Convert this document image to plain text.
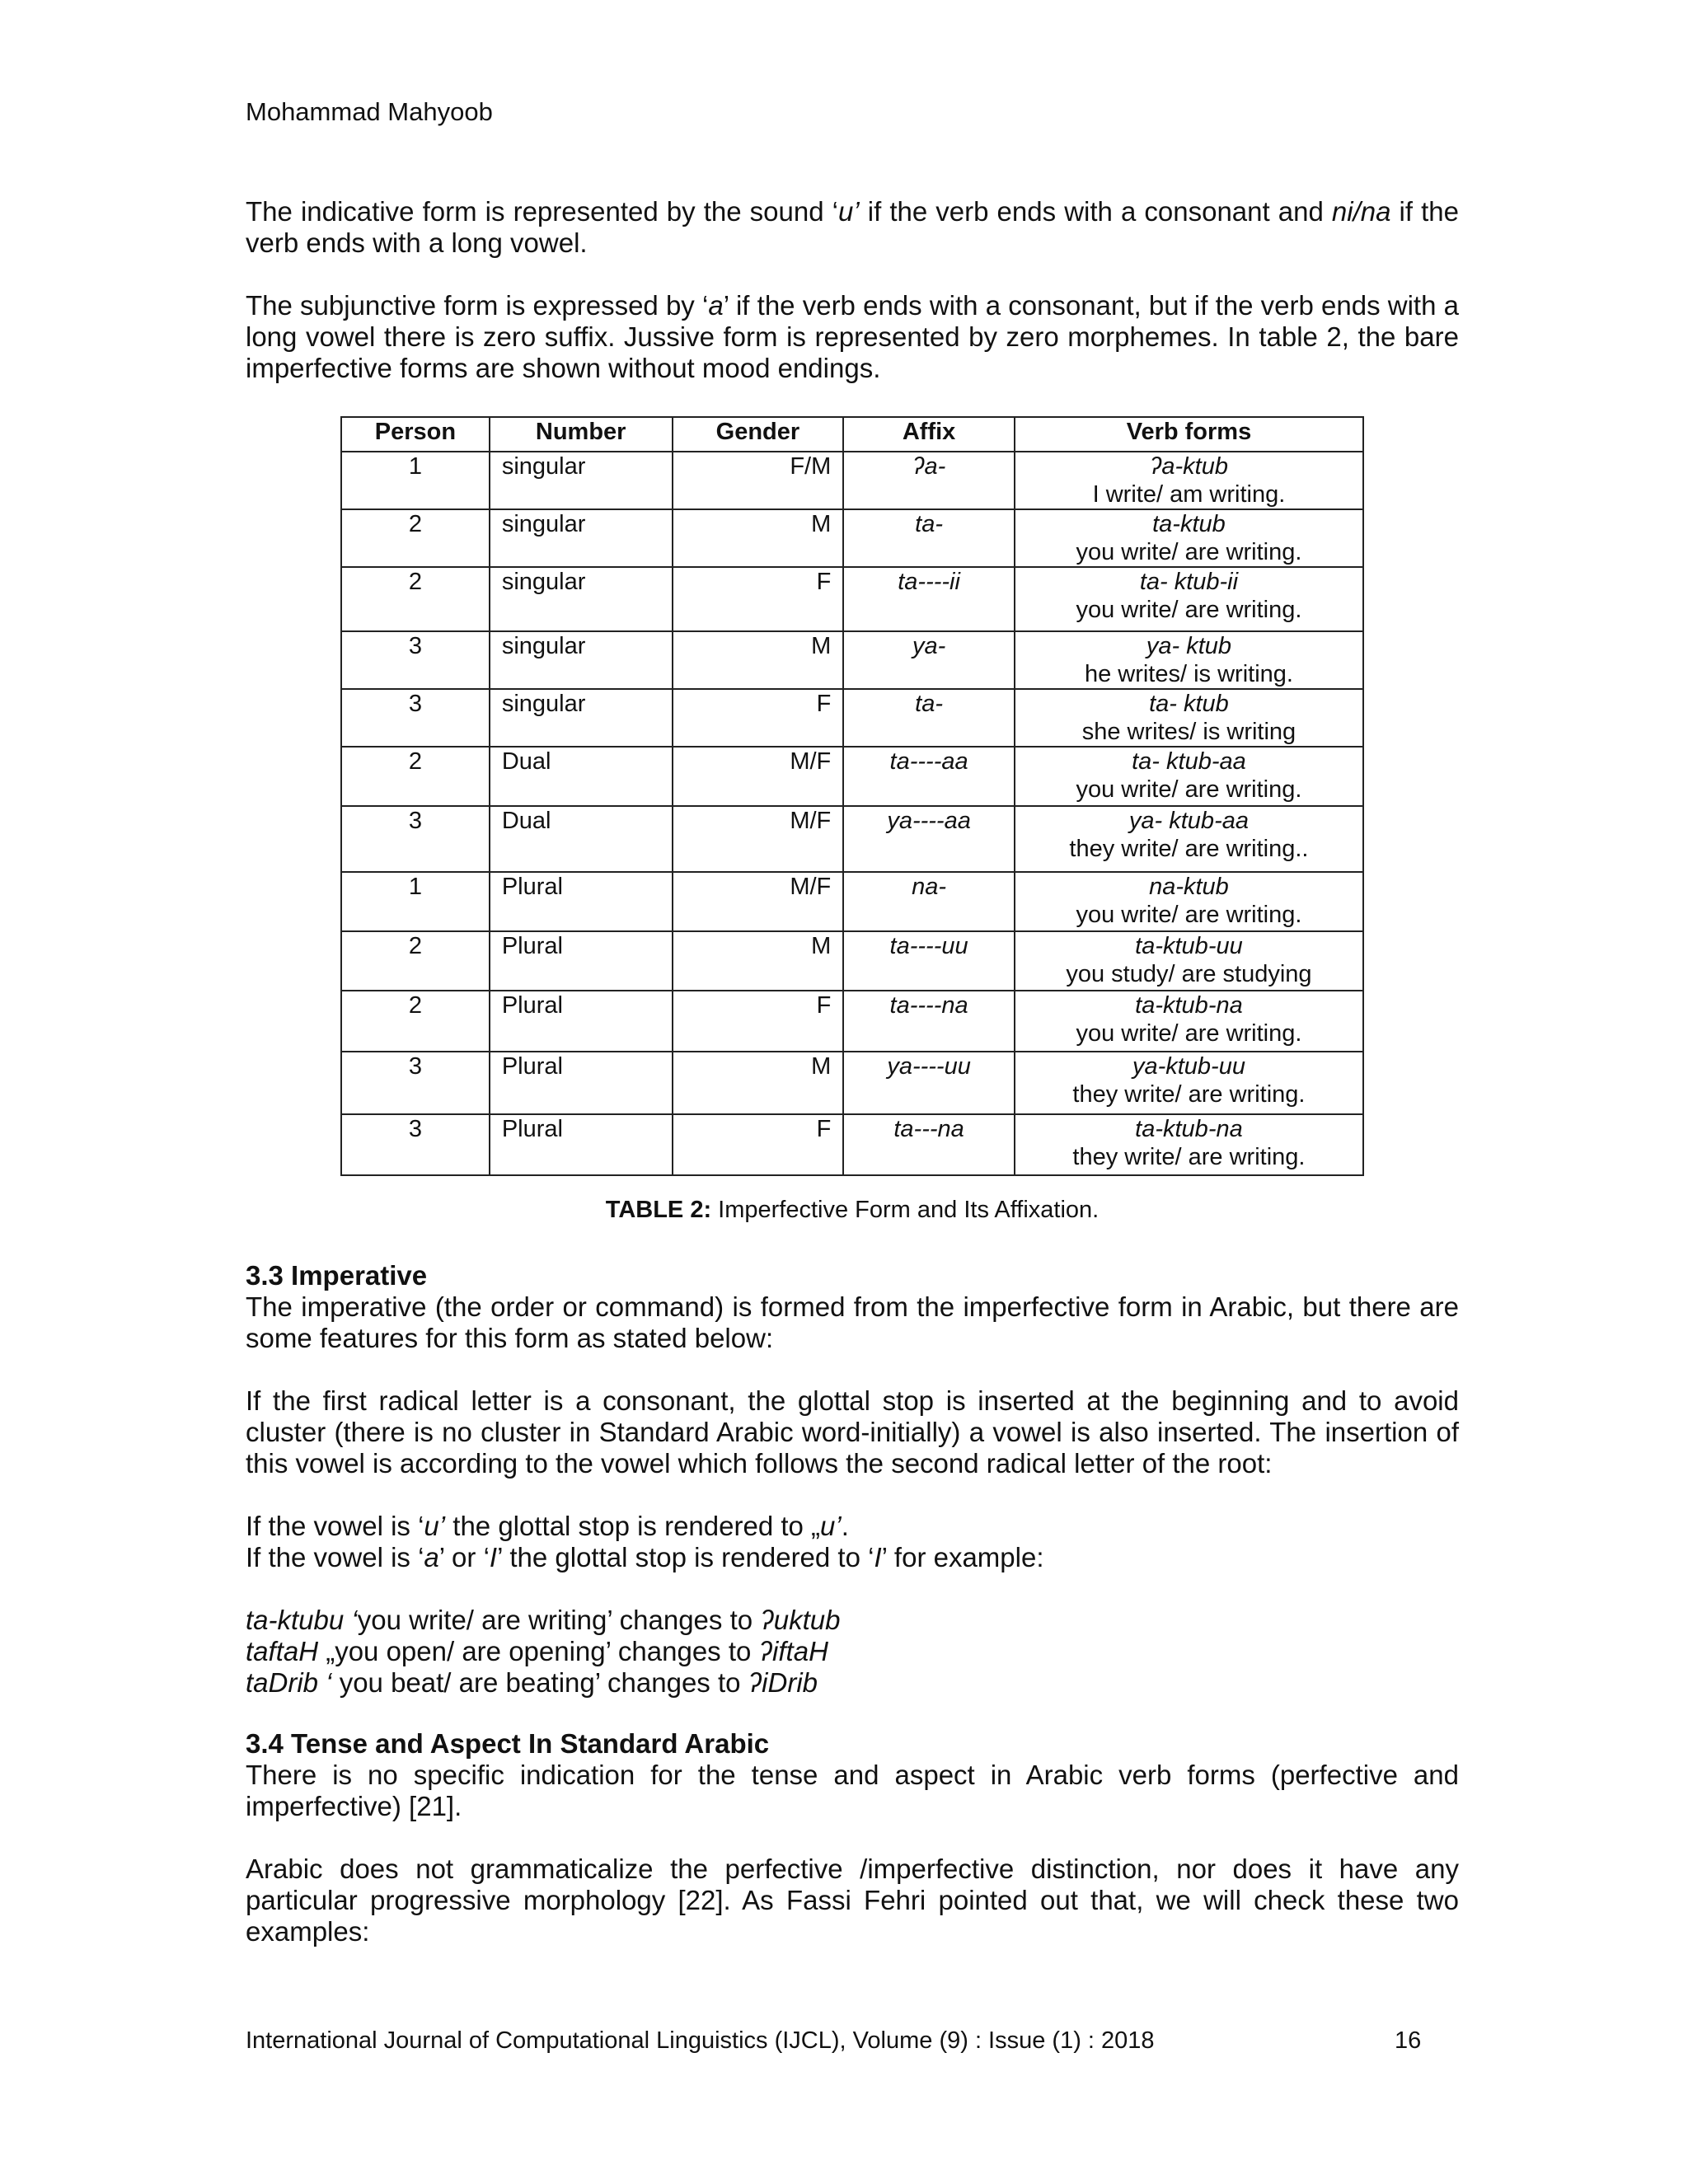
Mohammad Mahyoob

The indicative form is represented by the sound ‘u’ if the verb ends with a consonant and ni/na if the verb ends with a long vowel.

The subjunctive form is expressed by ‘a’ if the verb ends with a consonant, but if the verb ends with a long vowel there is zero suffix. Jussive form is represented by zero morphemes. In table 2, the bare imperfective forms are shown without mood endings.

Person	Number	Gender	Affix	Verb forms
1	singular	F/M	ʔa-	ʔa-ktub
I write/ am writing.

2	singular	M	ta-	ta-ktub
you write/ are writing.

2	singular	F	ta----ii	ta- ktub-ii
you write/ are writing.

3	singular	M	ya-	ya- ktub
he writes/ is writing.

3	singular	F	ta-	ta- ktub
she writes/ is writing

2	Dual	M/F	ta----aa	ta- ktub-aa
you write/ are writing.

3	Dual	M/F	ya----aa	ya- ktub-aa
they write/ are writing..

1	Plural	M/F	na-	na-ktub
you write/ are writing.

2	Plural	M	ta----uu	ta-ktub-uu
you study/ are studying

2	Plural	F	ta----na	ta-ktub-na
you write/ are writing.

3	Plural	M	ya----uu	ya-ktub-uu
they write/ are writing.

3	Plural	F	ta---na	ta-ktub-na
they write/ are writing.
TABLE 2: Imperfective Form and Its Affixation.

3.3 Imperative

The imperative (the order or command) is formed from the imperfective form in Arabic, but there are some features for this form as stated below:

If the first radical letter is a consonant, the glottal stop is inserted at the beginning and to avoid cluster (there is no cluster in Standard Arabic word-initially) a vowel is also inserted. The insertion of this vowel is according to the vowel which follows the second radical letter of the root:

If the vowel is ‘u’ the glottal stop is rendered to „u’.

If the vowel is ‘a’ or ‘I’ the glottal stop is rendered to ‘I’ for example:

ta-ktubu ‘you write/ are writing’ changes to ʔuktub

taftaH „you open/ are opening’ changes to ʔiftaH

taDrib ‘ you beat/ are beating’ changes to ʔiDrib

3.4 Tense and Aspect In Standard Arabic

There is no specific indication for the tense and aspect in Arabic verb forms (perfective and imperfective) [21].

Arabic does not grammaticalize the perfective /imperfective distinction, nor does it have any particular progressive morphology [22]. As Fassi Fehri pointed out that, we will check these two examples:

International Journal of Computational Linguistics (IJCL), Volume (9) : Issue (1) : 2018	16
